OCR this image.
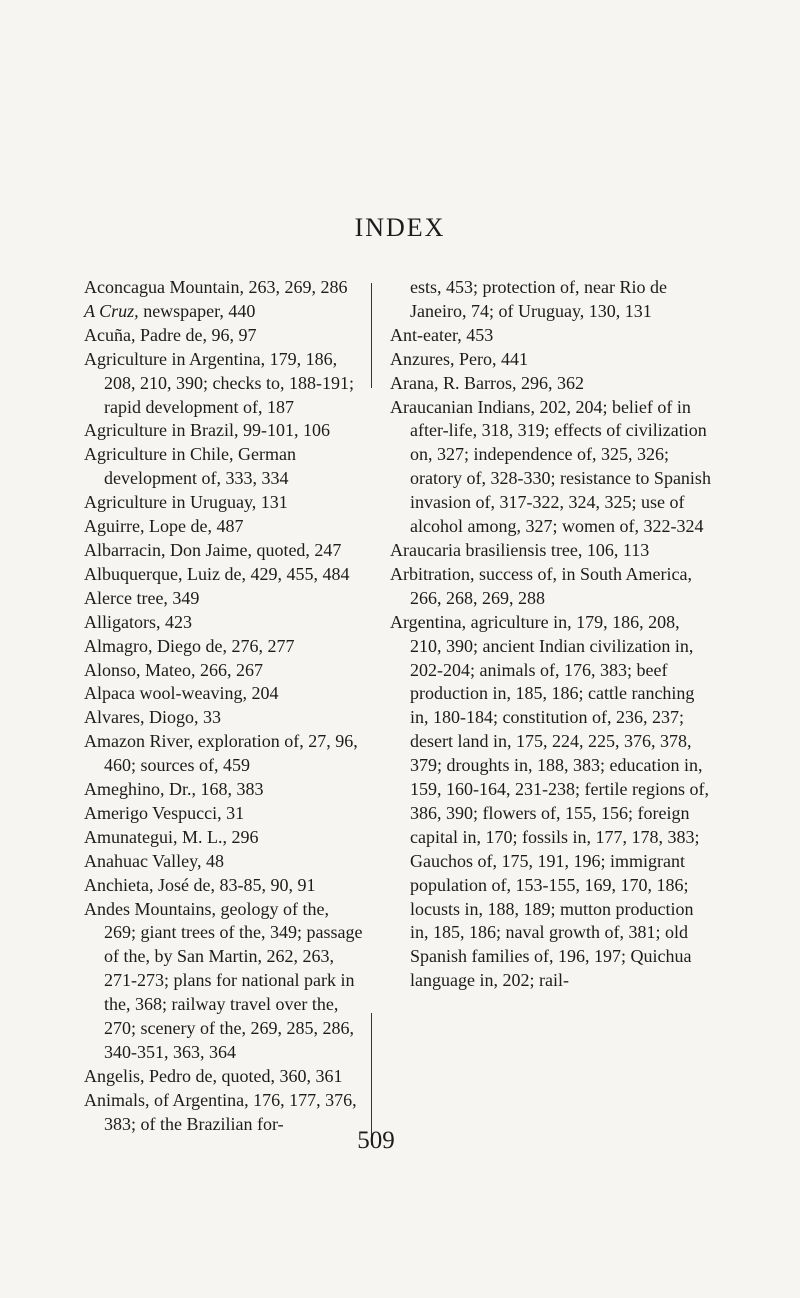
INDEX
Aconcagua Mountain, 263, 269, 286
A Cruz, newspaper, 440
Acuña, Padre de, 96, 97
Agriculture in Argentina, 179, 186, 208, 210, 390; checks to, 188-191; rapid development of, 187
Agriculture in Brazil, 99-101, 106
Agriculture in Chile, German development of, 333, 334
Agriculture in Uruguay, 131
Aguirre, Lope de, 487
Albarracin, Don Jaime, quoted, 247
Albuquerque, Luiz de, 429, 455, 484
Alerce tree, 349
Alligators, 423
Almagro, Diego de, 276, 277
Alonso, Mateo, 266, 267
Alpaca wool-weaving, 204
Alvares, Diogo, 33
Amazon River, exploration of, 27, 96, 460; sources of, 459
Ameghino, Dr., 168, 383
Amerigo Vespucci, 31
Amunategui, M. L., 296
Anahuac Valley, 48
Anchieta, José de, 83-85, 90, 91
Andes Mountains, geology of the, 269; giant trees of the, 349; passage of the, by San Martin, 262, 263, 271-273; plans for national park in the, 368; railway travel over the, 270; scenery of the, 269, 285, 286, 340-351, 363, 364
Angelis, Pedro de, quoted, 360, 361
Animals, of Argentina, 176, 177, 376, 383; of the Brazilian for-
ests, 453; protection of, near Rio de Janeiro, 74; of Uruguay, 130, 131
Ant-eater, 453
Anzures, Pero, 441
Arana, R. Barros, 296, 362
Araucanian Indians, 202, 204; belief of in after-life, 318, 319; effects of civilization on, 327; independence of, 325, 326; oratory of, 328-330; resistance to Spanish invasion of, 317-322, 324, 325; use of alcohol among, 327; women of, 322-324
Araucaria brasiliensis tree, 106, 113
Arbitration, success of, in South America, 266, 268, 269, 288
Argentina, agriculture in, 179, 186, 208, 210, 390; ancient Indian civilization in, 202-204; animals of, 176, 383; beef production in, 185, 186; cattle ranching in, 180-184; constitution of, 236, 237; desert land in, 175, 224, 225, 376, 378, 379; droughts in, 188, 383; education in, 159, 160-164, 231-238; fertile regions of, 386, 390; flowers of, 155, 156; foreign capital in, 170; fossils in, 177, 178, 383; Gauchos of, 175, 191, 196; immigrant population of, 153-155, 169, 170, 186; locusts in, 188, 189; mutton production in, 185, 186; naval growth of, 381; old Spanish families of, 196, 197; Quichua language in, 202; rail-
509
